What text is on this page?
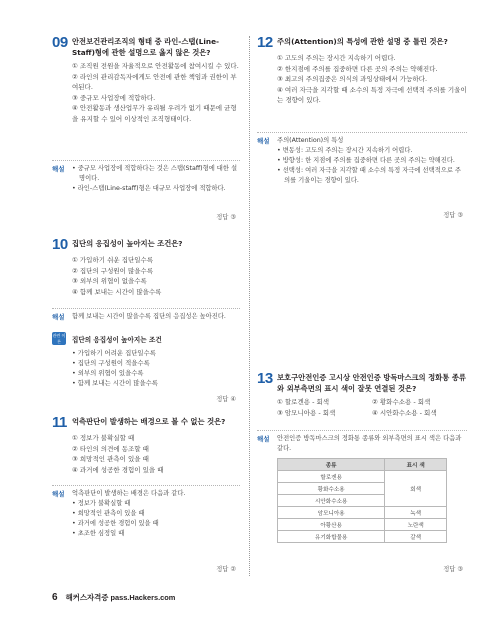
09 안전보건관리조직의 형태 중 라인-스탭(Line-Staff)형에 관한 설명으로 옳지 않은 것은?
① 조직원 전원을 자율적으로 안전활동에 참여시킬 수 있다.
② 라인의 관리감독자에게도 안전에 관한 책임과 권한이 부여된다.
③ 중규모 사업장에 적합하다.
④ 안전활동과 생산업무가 유리될 우려가 없기 때문에 균형을 유지할 수 있어 이상적인 조직형태이다.
해설	• 중규모 사업장에 적합하다는 것은 스탭(Staff)형에 대한 설명이다.
• 라인-스탭(Line-staff)형은 대규모 사업장에 적합하다.
정답 ③
10 집단의 응집성이 높아지는 조건은?
① 가입하기 쉬운 집단일수록
② 집단의 구성원이 많을수록
③ 외부의 위협이 없을수록
④ 함께 보내는 시간이 많을수록
해설	함께 보내는 시간이 많을수록 집단의 응집성은 높아진다.
관련 이론	집단의 응집성이 높아지는 조건
• 가입하기 어려운 집단일수록
• 집단의 구성원이 적을수록
• 외부의 위협이 있을수록
• 함께 보내는 시간이 많을수록
정답 ④
11 억측판단이 발생하는 배경으로 볼 수 없는 것은?
① 정보가 불확실할 때
② 타인의 의견에 동조할 때
③ 희망적인 관측이 있을 때
④ 과거에 성공한 경험이 있을 때
해설	억측판단이 발생하는 배경은 다음과 같다.
• 정보가 불확실할 때
• 희망적인 관측이 있을 때
• 과거에 성공한 경험이 있을 때
• 초조한 심정일 때
정답 ②
12 주의(Attention)의 특성에 관한 설명 중 틀린 것은?
① 고도의 주의는 장시간 지속하기 어렵다.
② 한지점에 주의를 집중하면 다른 곳의 주의는 약해진다.
③ 최고의 주의집중은 의식의 과잉상태에서 가능하다.
④ 여러 자극을 지각할 때 소수의 특정 자극에 선택적 주의를 기울이는 경향이 있다.
해설	주의(Attention)의 특성
• 변동성: 고도의 주의는 장시간 지속하기 어렵다.
• 방향성: 한 지점에 주의를 집중하면 다른 곳의 주의는 약해진다.
• 선택성: 여러 자극을 지각할 때 소수의 특정 자극에 선택적으로 주의를 기울이는 경향이 있다.
정답 ③
13 보호구안전인증 고시상 안전인증 방독마스크의 정화통 종류와 외부측면의 표시 색이 잘못 연결된 것은?
① 할로겐용 - 회색	② 황화수소용 - 회색
③ 암모니아용 - 회색	④ 시안화수소용 - 회색
해설	안전인증 방독마스크의 정화통 종류와 외부측면의 표시 색은 다음과 같다.
종류	표시 색
할로겐용	회색
황화수소용	
시안화수소용	
암모니아용	녹색
아황산용	노란색
유기화합물용	갈색
정답 ③
6 해커스자격증 pass.Hackers.com
